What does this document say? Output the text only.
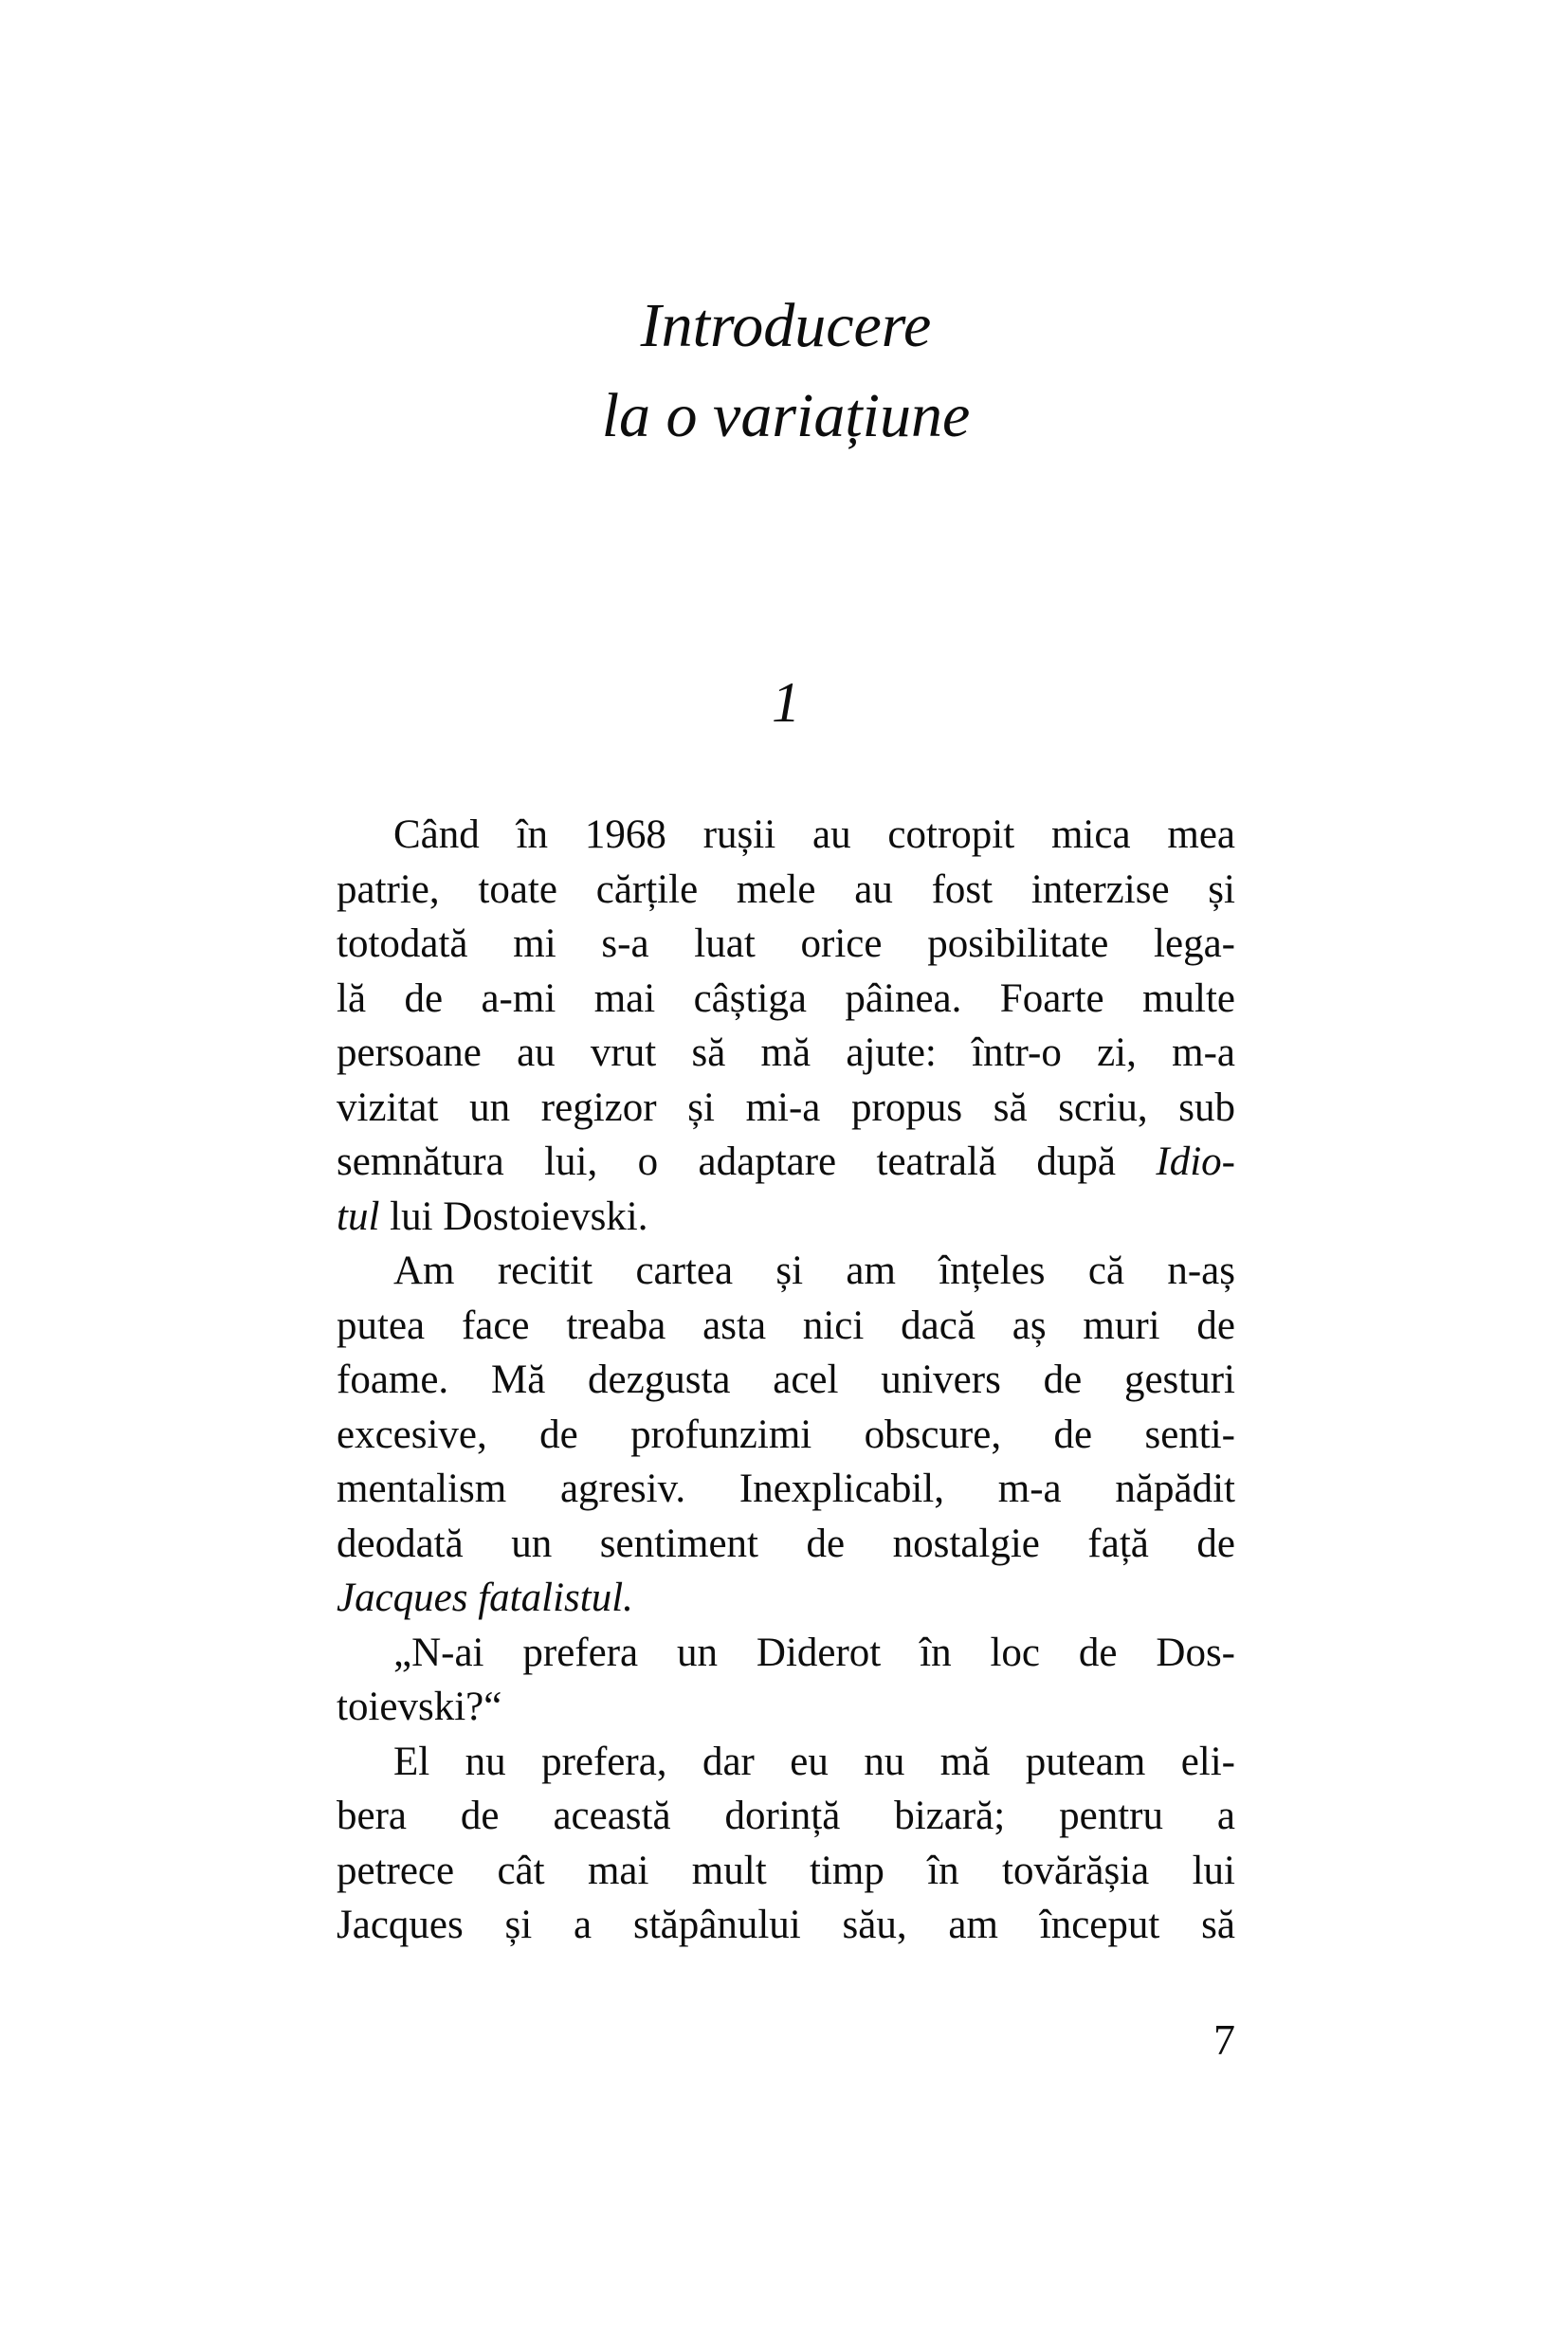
Introducere
la o variațiune
1
Când în 1968 rușii au cotropit mica mea
patrie, toate cărțile mele au fost interzise și
totodată mi s-a luat orice posibilitate lega-
lă de a-mi mai câștiga pâinea. Foarte multe
persoane au vrut să mă ajute: într-o zi, m-a
vizitat un regizor și mi-a propus să scriu, sub
semnătura lui, o adaptare teatrală după Idio-
tul lui Dostoievski.
Am recitit cartea și am înțeles că n-aș
putea face treaba asta nici dacă aș muri de
foame. Mă dezgusta acel univers de gesturi
excesive, de profunzimi obscure, de senti-
mentalism agresiv. Inexplicabil, m-a năpădit
deodată un sentiment de nostalgie față de
Jacques fatalistul.
„N-ai prefera un Diderot în loc de Dos-
toievski?“
El nu prefera, dar eu nu mă puteam eli-
bera de această dorință bizară; pentru a
petrece cât mai mult timp în tovărășia lui
Jacques și a stăpânului său, am început să
7
